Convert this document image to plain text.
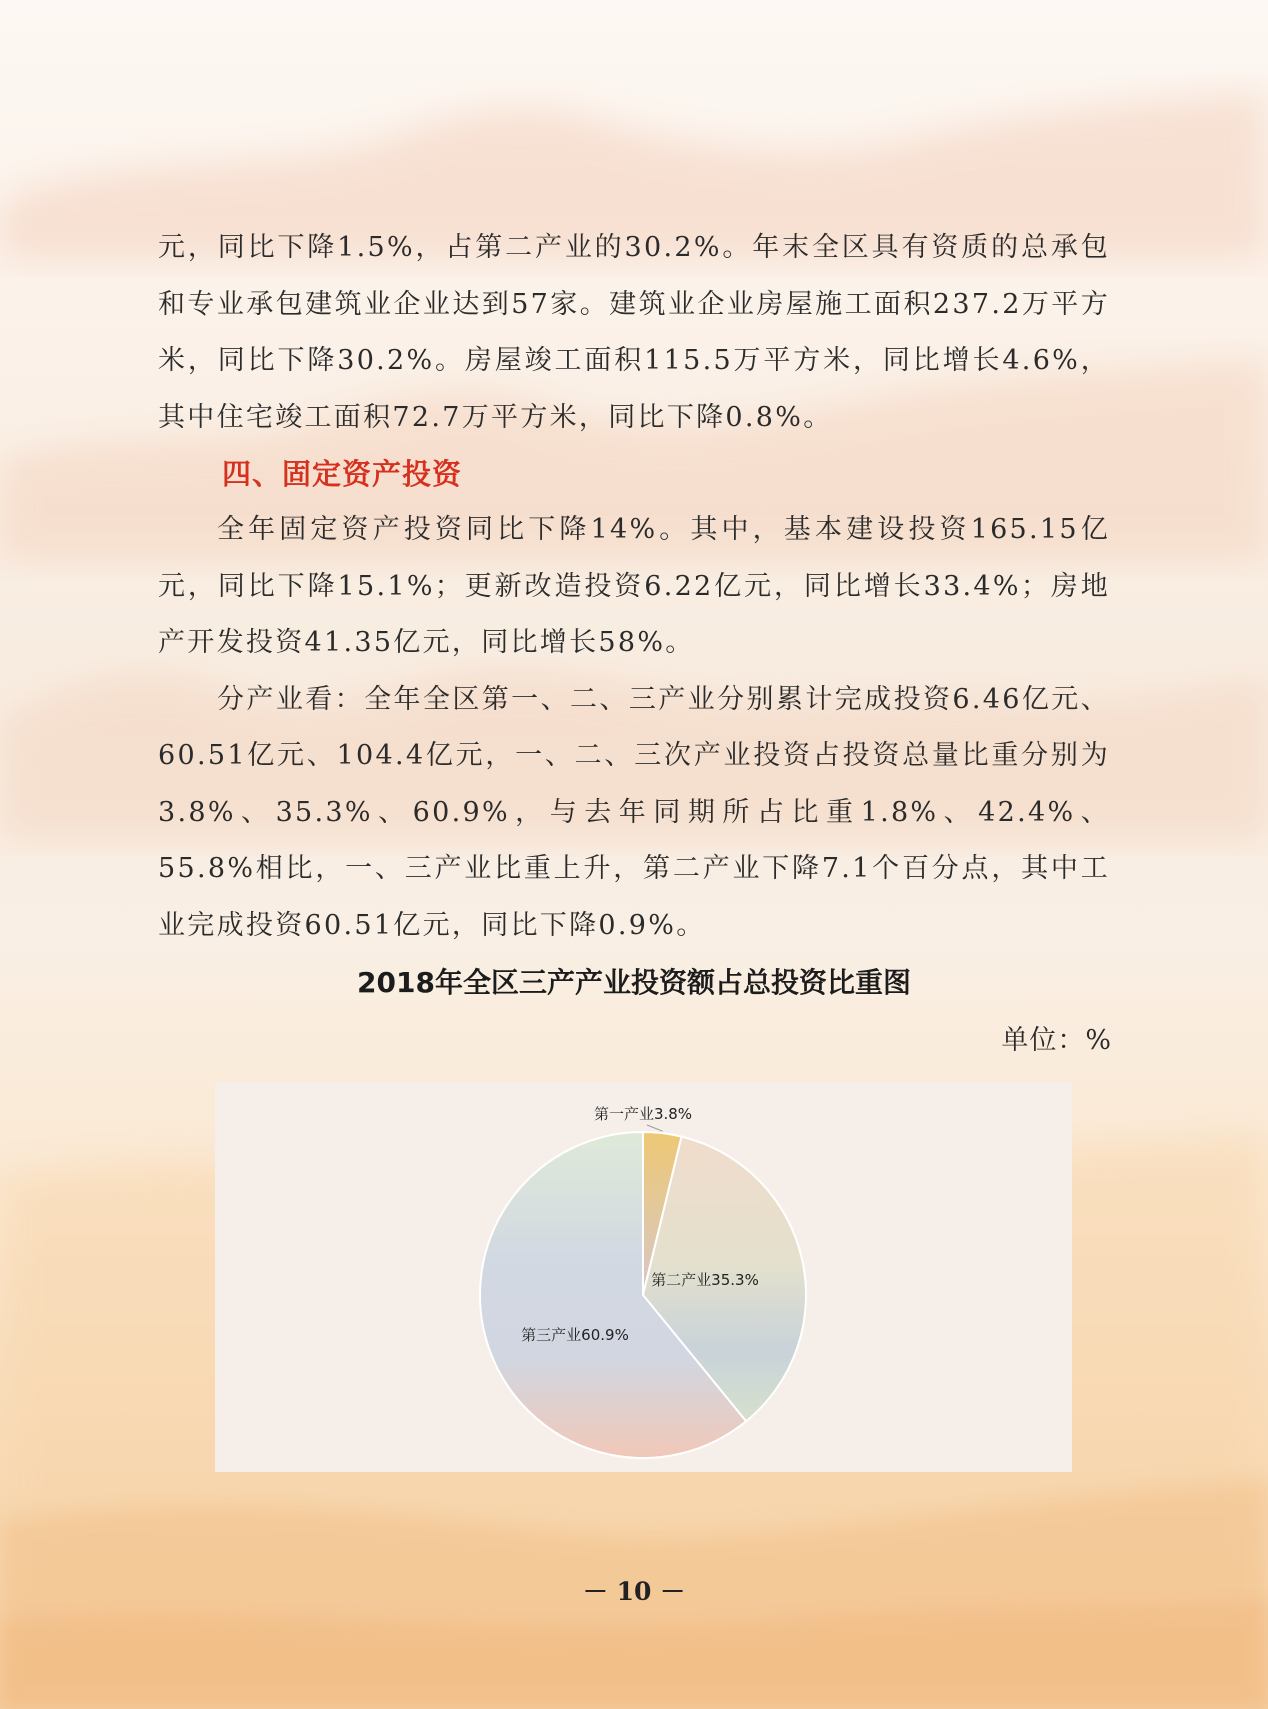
元，同比下降1.5%，占第二产业的30.2%。年末全区具有资质的总承包和专业承包建筑业企业达到57家。建筑业企业房屋施工面积237.2万平方米，同比下降30.2%。房屋竣工面积115.5万平方米，同比增长4.6%，其中住宅竣工面积72.7万平方米，同比下降0.8%。

四、固定资产投资

全年固定资产投资同比下降14%。其中，基本建设投资165.15亿元，同比下降15.1%；更新改造投资6.22亿元，同比增长33.4%；房地产开发投资41.35亿元，同比增长58%。

分产业看：全年全区第一、二、三产业分别累计完成投资6.46亿元、60.51亿元、104.4亿元，一、二、三次产业投资占投资总量比重分别为3.8%、35.3%、60.9%，与去年同期所占比重1.8%、42.4%、55.8%相比，一、三产业比重上升，第二产业下降7.1个百分点，其中工业完成投资60.51亿元，同比下降0.9%。

2018年全区三产产业投资额占总投资比重图
单位：%
第一产业3.8%
第二产业35.3%
第三产业60.9%
－ 10 －
